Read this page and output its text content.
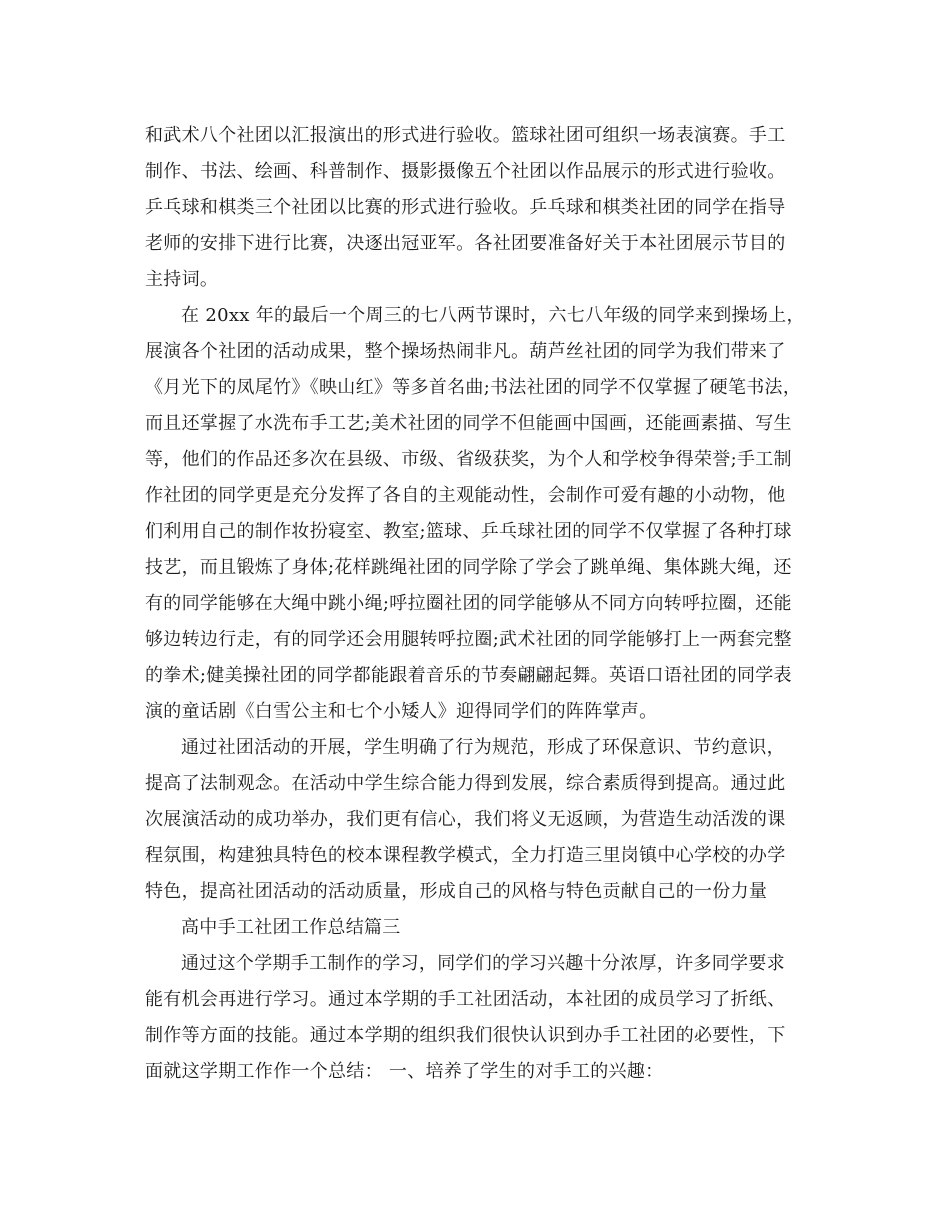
和武术八个社团以汇报演出的形式进行验收。篮球社团可组织一场表演赛。手工
制作、书法、绘画、科普制作、摄影摄像五个社团以作品展示的形式进行验收。
乒乓球和棋类三个社团以比赛的形式进行验收。乒乓球和棋类社团的同学在指导
老师的安排下进行比赛，决逐出冠亚军。各社团要准备好关于本社团展示节目的
主持词。
在 20xx 年的最后一个周三的七八两节课时，六七八年级的同学来到操场上，
展演各个社团的活动成果，整个操场热闹非凡。葫芦丝社团的同学为我们带来了
《月光下的凤尾竹》《映山红》等多首名曲;书法社团的同学不仅掌握了硬笔书法，
而且还掌握了水洗布手工艺;美术社团的同学不但能画中国画，还能画素描、写生
等，他们的作品还多次在县级、市级、省级获奖，为个人和学校争得荣誉;手工制
作社团的同学更是充分发挥了各自的主观能动性，会制作可爱有趣的小动物，他
们利用自己的制作妆扮寝室、教室;篮球、乒乓球社团的同学不仅掌握了各种打球
技艺，而且锻炼了身体;花样跳绳社团的同学除了学会了跳单绳、集体跳大绳，还
有的同学能够在大绳中跳小绳;呼拉圈社团的同学能够从不同方向转呼拉圈，还能
够边转边行走，有的同学还会用腿转呼拉圈;武术社团的同学能够打上一两套完整
的拳术;健美操社团的同学都能跟着音乐的节奏翩翩起舞。英语口语社团的同学表
演的童话剧《白雪公主和七个小矮人》迎得同学们的阵阵掌声。
通过社团活动的开展，学生明确了行为规范，形成了环保意识、节约意识，
提高了法制观念。在活动中学生综合能力得到发展，综合素质得到提高。通过此
次展演活动的成功举办，我们更有信心，我们将义无返顾，为营造生动活泼的课
程氛围，构建独具特色的校本课程教学模式，全力打造三里岗镇中心学校的办学
特色，提高社团活动的活动质量，形成自己的风格与特色贡献自己的一份力量
高中手工社团工作总结篇三
通过这个学期手工制作的学习，同学们的学习兴趣十分浓厚，许多同学要求
能有机会再进行学习。通过本学期的手工社团活动，本社团的成员学习了折纸、
制作等方面的技能。通过本学期的组织我们很快认识到办手工社团的必要性，下
面就这学期工作作一个总结： 一、培养了学生的对手工的兴趣：
